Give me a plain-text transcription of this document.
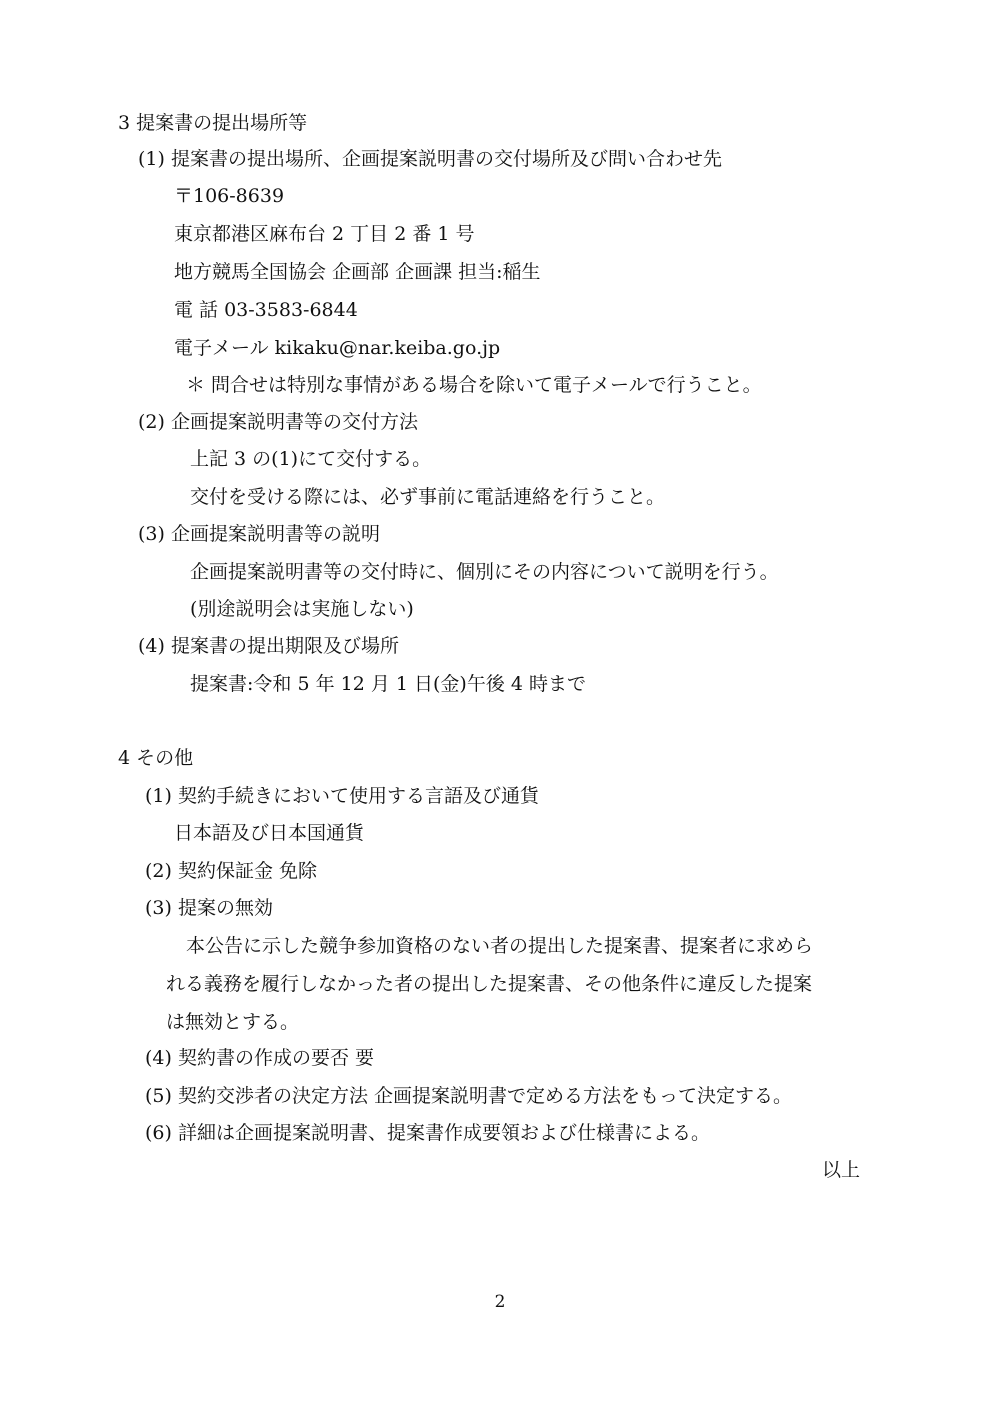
3 提案書の提出場所等
(1) 提案書の提出場所、企画提案説明書の交付場所及び問い合わせ先
〒106-8639
東京都港区麻布台 2 丁目 2 番 1 号
地方競馬全国協会 企画部 企画課 担当:稲生
電 話 03-3583-6844
電子メール kikaku@nar.keiba.go.jp
＊ 問合せは特別な事情がある場合を除いて電子メールで行うこと。
(2) 企画提案説明書等の交付方法
上記 3 の(1)にて交付する。
交付を受ける際には、必ず事前に電話連絡を行うこと。
(3) 企画提案説明書等の説明
企画提案説明書等の交付時に、個別にその内容について説明を行う。
(別途説明会は実施しない)
(4) 提案書の提出期限及び場所
提案書:令和 5 年 12 月 1 日(金)午後 4 時まで
4 その他
(1) 契約手続きにおいて使用する言語及び通貨
日本語及び日本国通貨
(2) 契約保証金 免除
(3) 提案の無効
本公告に示した競争参加資格のない者の提出した提案書、提案者に求めら
れる義務を履行しなかった者の提出した提案書、その他条件に違反した提案
は無効とする。
(4) 契約書の作成の要否 要
(5) 契約交渉者の決定方法 企画提案説明書で定める方法をもって決定する。
(6) 詳細は企画提案説明書、提案書作成要領および仕様書による。
以上
2
